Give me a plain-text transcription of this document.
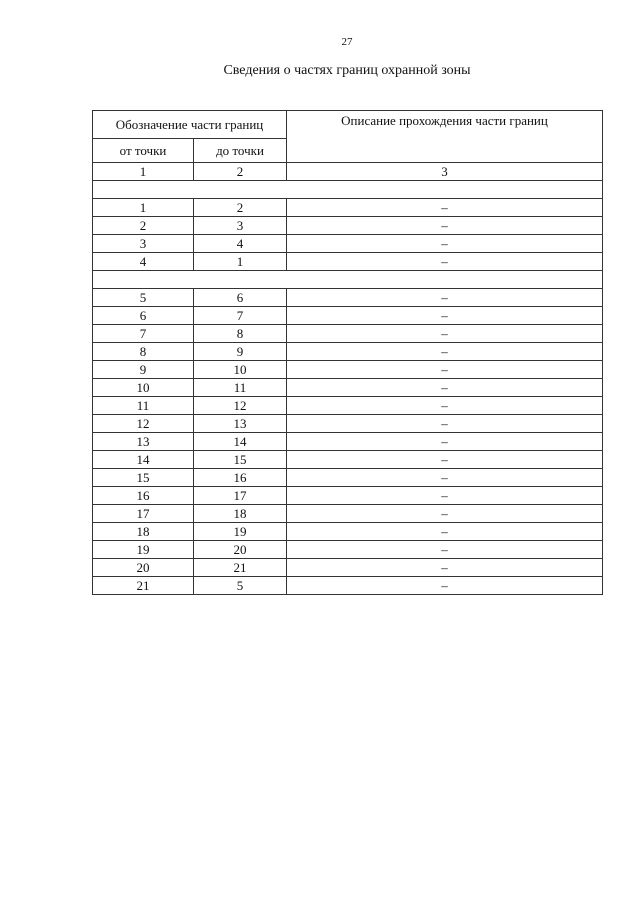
27
Сведения о частях границ охранной зоны
Обозначение части границ		Описание прохождения части границ
от точки	до точки	
1	2	3

1	2	–
2	3	–
3	4	–
4	1	–

5	6	–
6	7	–
7	8	–
8	9	–
9	10	–
10	11	–
11	12	–
12	13	–
13	14	–
14	15	–
15	16	–
16	17	–
17	18	–
18	19	–
19	20	–
20	21	–
21	5	–
